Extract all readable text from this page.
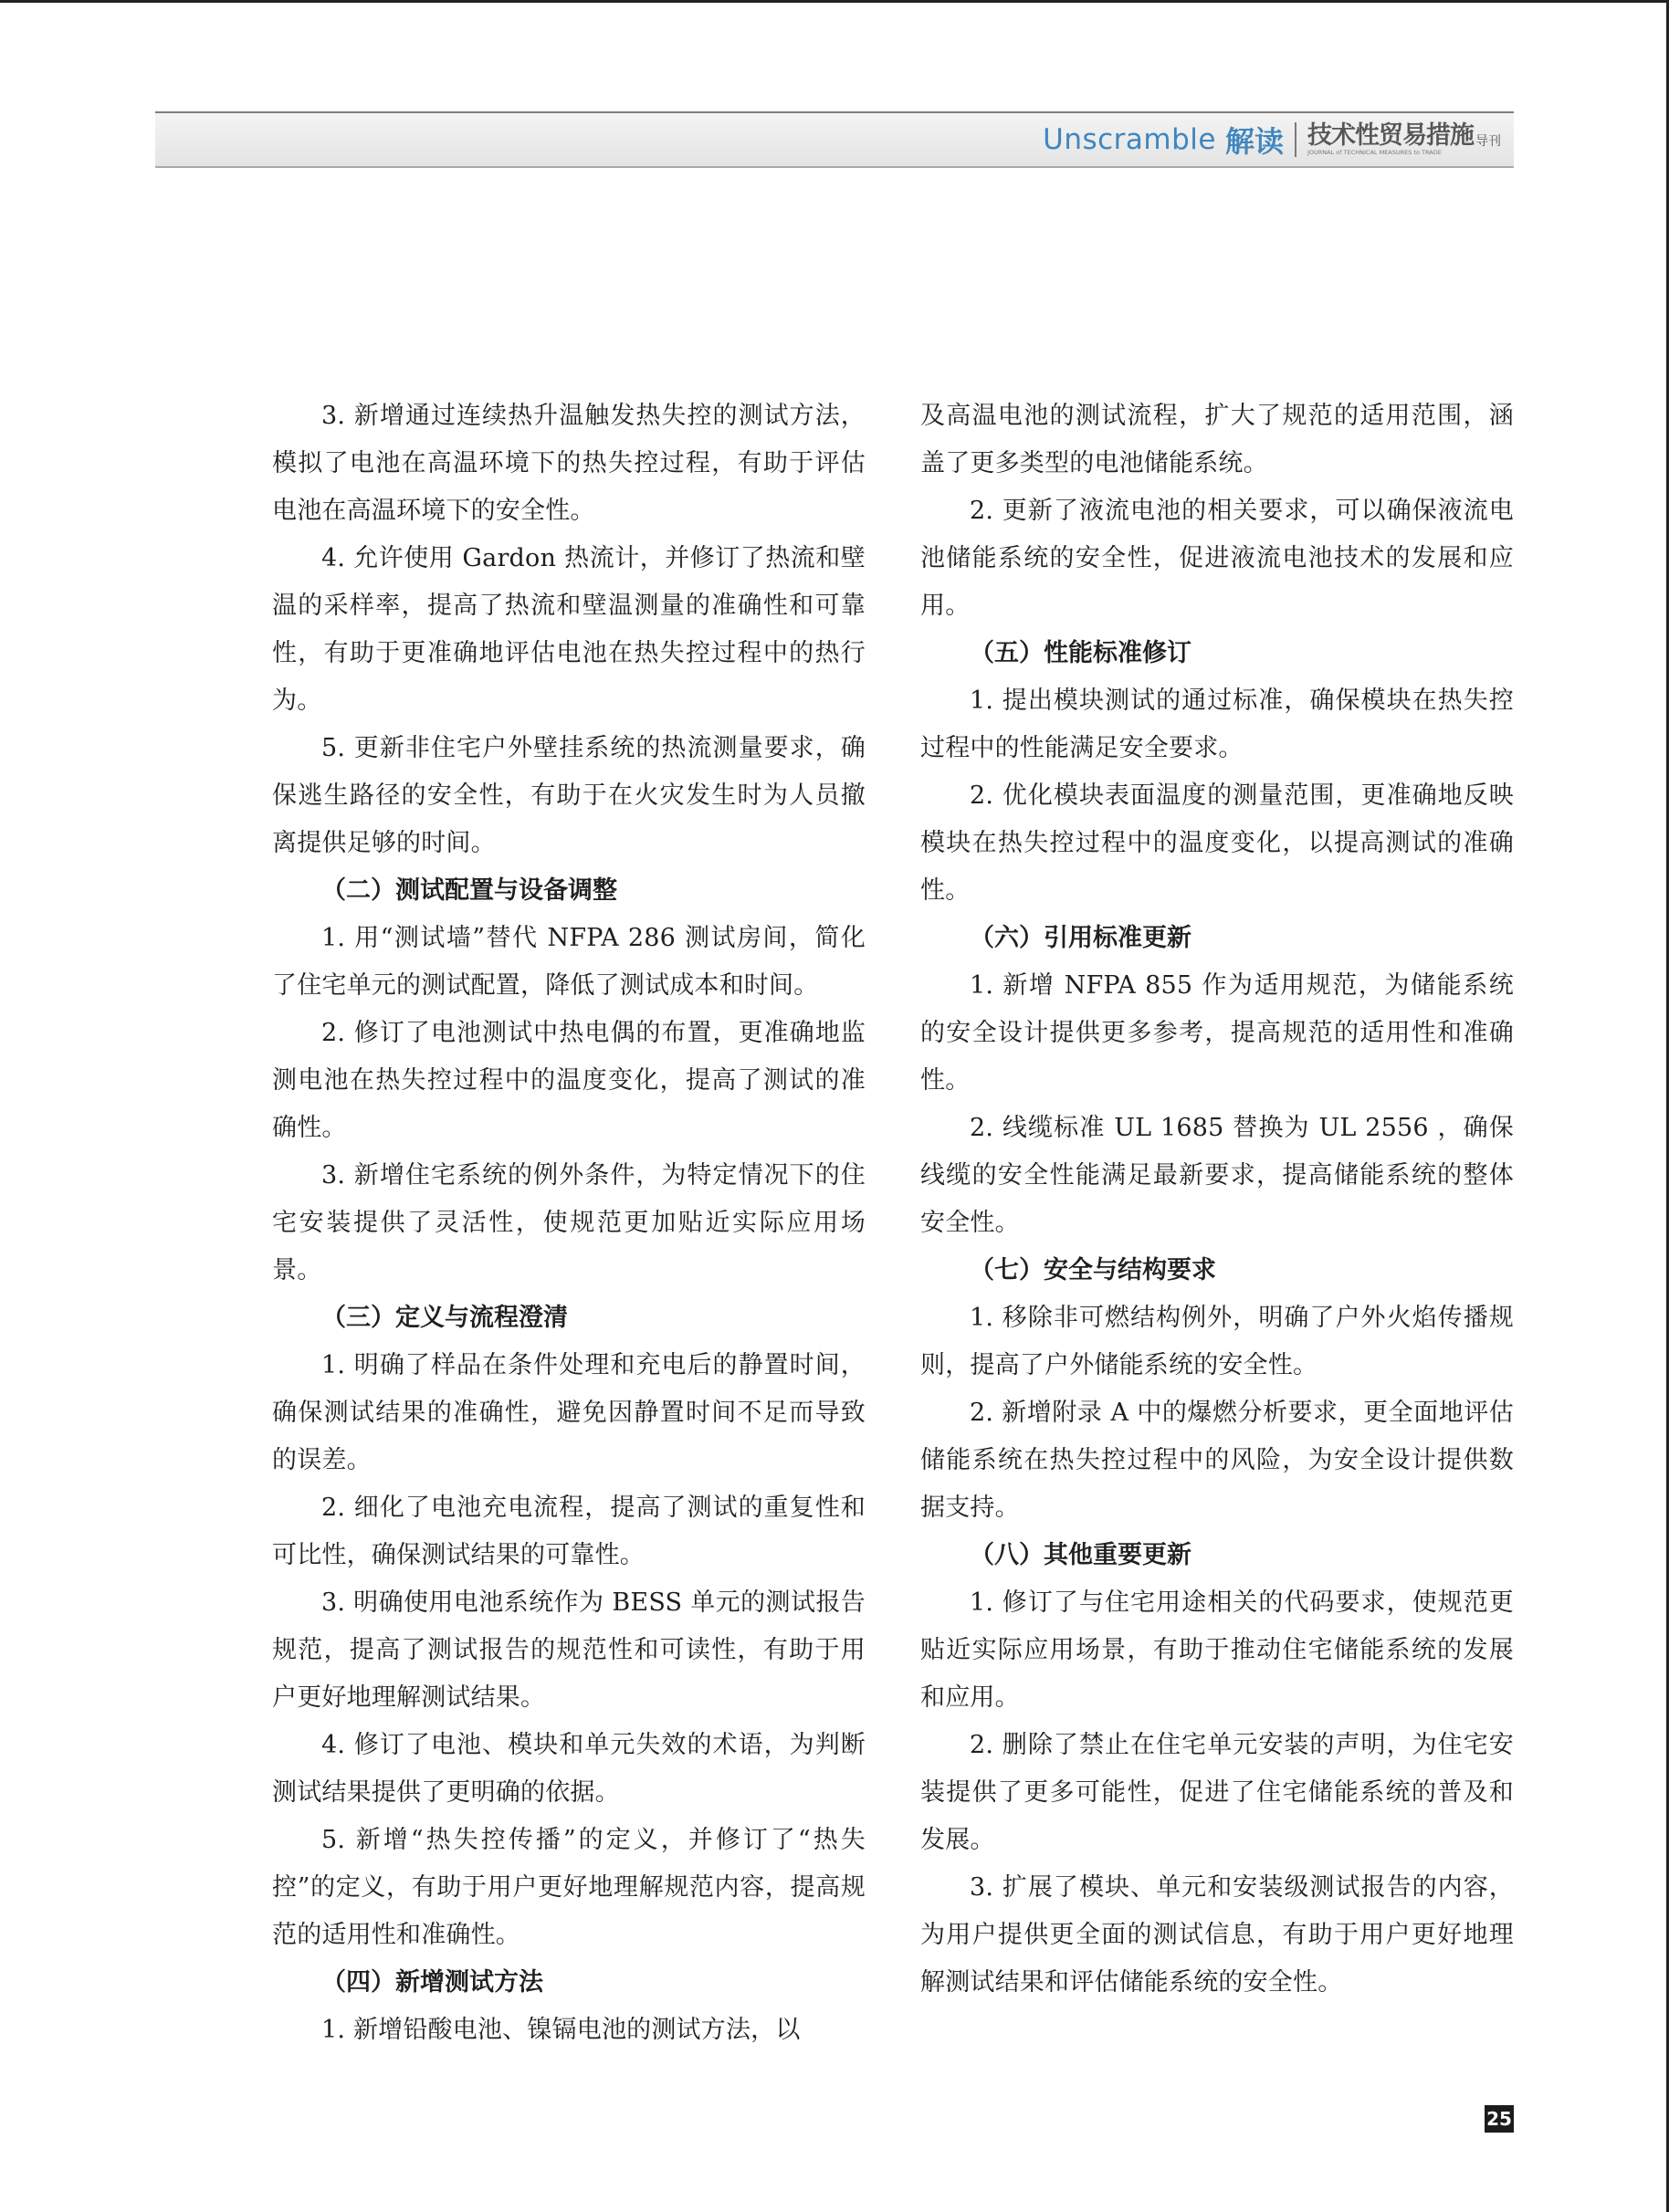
Unscramble 解读 技术性贸易措施 导刊
JOURNAL of TECHNICAL MEASURES to TRADE

3. 新增通过连续热升温触发热失控的测试方法，模拟了电池在高温环境下的热失控过程，有助于评估电池在高温环境下的安全性。

4. 允许使用 Gardon 热流计，并修订了热流和壁温的采样率，提高了热流和壁温测量的准确性和可靠性，有助于更准确地评估电池在热失控过程中的热行为。

5. 更新非住宅户外壁挂系统的热流测量要求，确保逃生路径的安全性，有助于在火灾发生时为人员撤离提供足够的时间。

（二）测试配置与设备调整

1. 用“测试墙”替代 NFPA 286 测试房间，简化了住宅单元的测试配置，降低了测试成本和时间。

2. 修订了电池测试中热电偶的布置，更准确地监测电池在热失控过程中的温度变化，提高了测试的准确性。

3. 新增住宅系统的例外条件，为特定情况下的住宅安装提供了灵活性，使规范更加贴近实际应用场景。

（三）定义与流程澄清

1. 明确了样品在条件处理和充电后的静置时间，确保测试结果的准确性，避免因静置时间不足而导致的误差。

2. 细化了电池充电流程，提高了测试的重复性和可比性，确保测试结果的可靠性。

3. 明确使用电池系统作为 BESS 单元的测试报告规范，提高了测试报告的规范性和可读性，有助于用户更好地理解测试结果。

4. 修订了电池、模块和单元失效的术语，为判断测试结果提供了更明确的依据。

5. 新增“热失控传播”的定义，并修订了“热失控”的定义，有助于用户更好地理解规范内容，提高规范的适用性和准确性。

（四）新增测试方法

1. 新增铅酸电池、镍镉电池的测试方法，以

及高温电池的测试流程，扩大了规范的适用范围，涵盖了更多类型的电池储能系统。

2. 更新了液流电池的相关要求，可以确保液流电池储能系统的安全性，促进液流电池技术的发展和应用。

（五）性能标准修订

1. 提出模块测试的通过标准，确保模块在热失控过程中的性能满足安全要求。

2. 优化模块表面温度的测量范围，更准确地反映模块在热失控过程中的温度变化，以提高测试的准确性。

（六）引用标准更新

1. 新增 NFPA 855 作为适用规范，为储能系统的安全设计提供更多参考，提高规范的适用性和准确性。

2. 线缆标准 UL 1685 替换为 UL 2556 ，确保线缆的安全性能满足最新要求，提高储能系统的整体安全性。

（七）安全与结构要求

1. 移除非可燃结构例外，明确了户外火焰传播规则，提高了户外储能系统的安全性。

2. 新增附录 A 中的爆燃分析要求，更全面地评估储能系统在热失控过程中的风险，为安全设计提供数据支持。

（八）其他重要更新

1. 修订了与住宅用途相关的代码要求，使规范更贴近实际应用场景，有助于推动住宅储能系统的发展和应用。

2. 删除了禁止在住宅单元安装的声明，为住宅安装提供了更多可能性，促进了住宅储能系统的普及和发展。

3. 扩展了模块、单元和安装级测试报告的内容，为用户提供更全面的测试信息，有助于用户更好地理解测试结果和评估储能系统的安全性。

25
